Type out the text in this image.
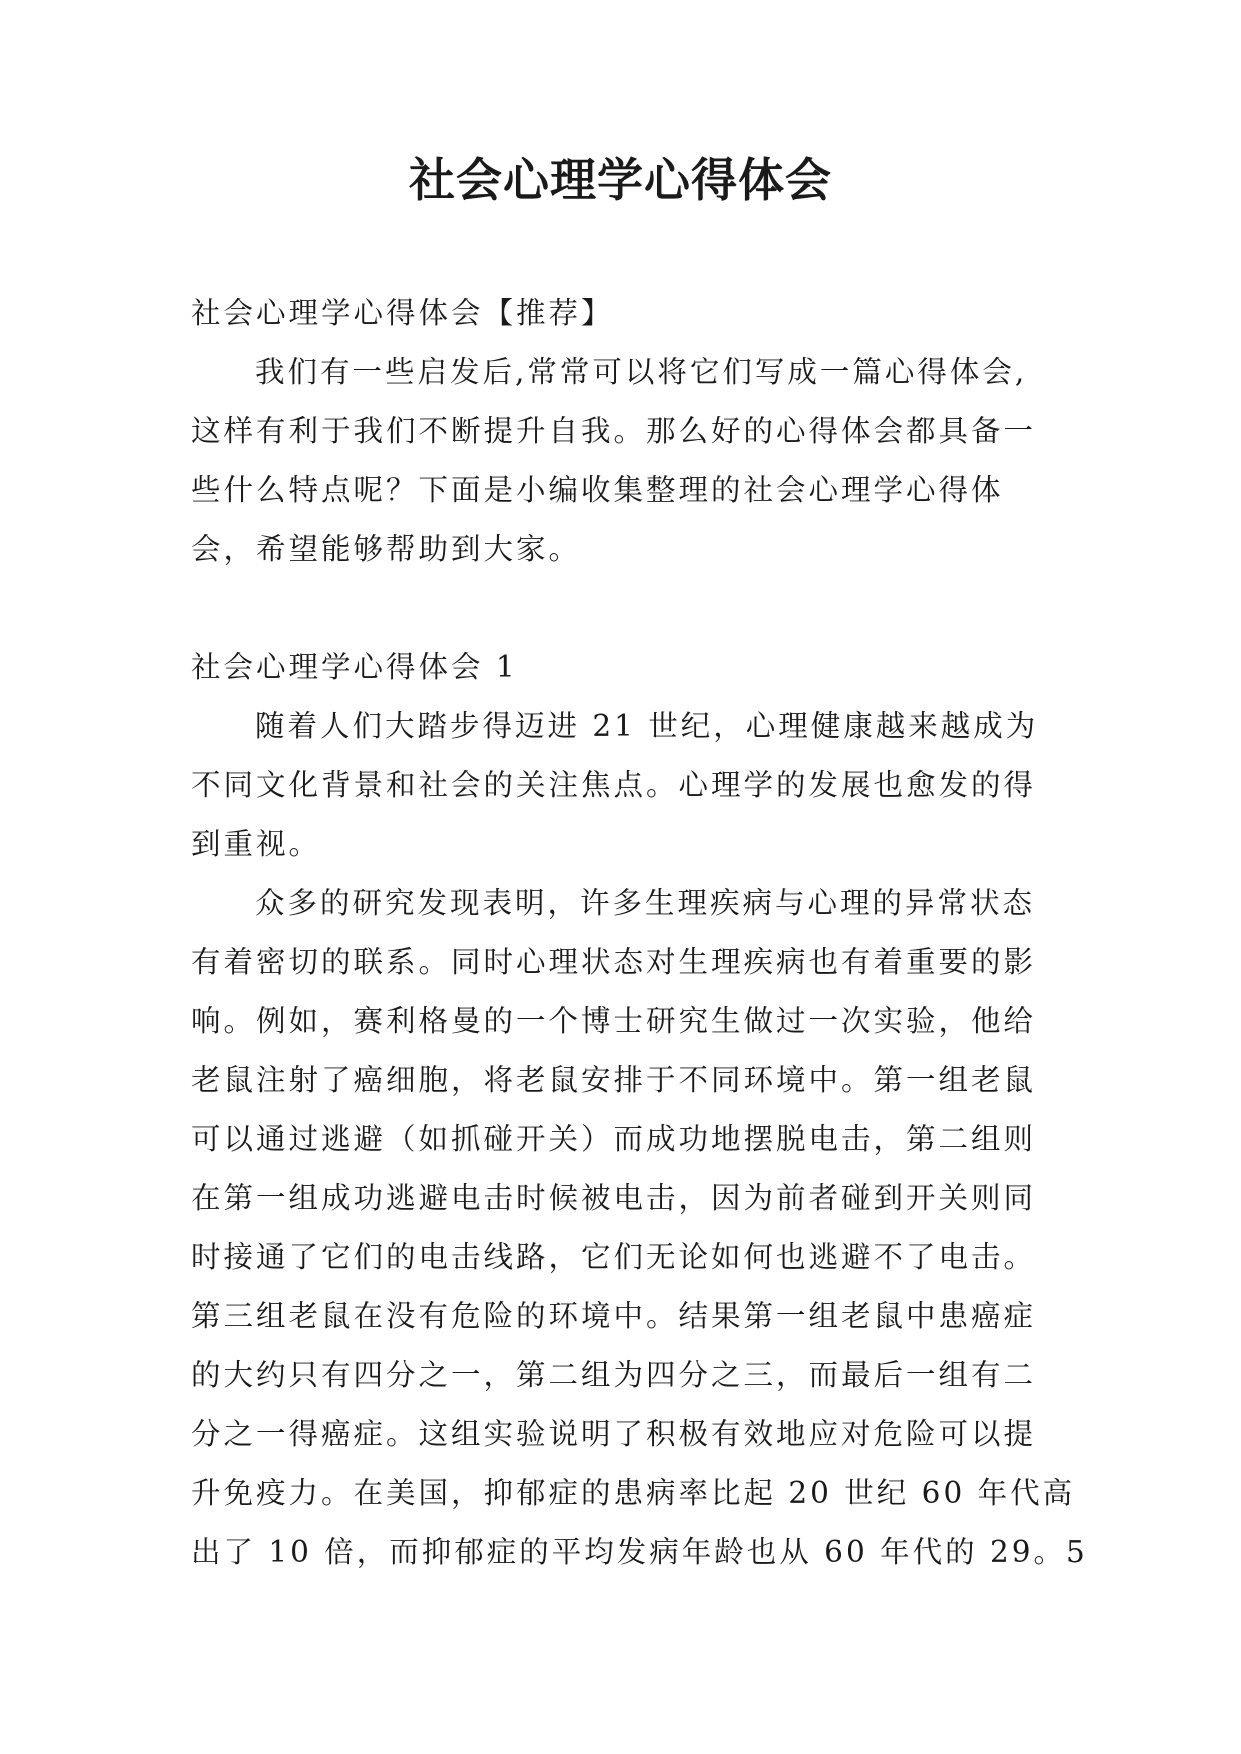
社会心理学心得体会
社会心理学心得体会【推荐】
我们有一些启发后,常常可以将它们写成一篇心得体会,
这样有利于我们不断提升自我。那么好的心得体会都具备一
些什么特点呢？下面是小编收集整理的社会心理学心得体
会，希望能够帮助到大家。
社会心理学心得体会 1
随着人们大踏步得迈进 21 世纪，心理健康越来越成为
不同文化背景和社会的关注焦点。心理学的发展也愈发的得
到重视。
众多的研究发现表明，许多生理疾病与心理的异常状态
有着密切的联系。同时心理状态对生理疾病也有着重要的影
响。例如，赛利格曼的一个博士研究生做过一次实验，他给
老鼠注射了癌细胞，将老鼠安排于不同环境中。第一组老鼠
可以通过逃避（如抓碰开关）而成功地摆脱电击，第二组则
在第一组成功逃避电击时候被电击，因为前者碰到开关则同
时接通了它们的电击线路，它们无论如何也逃避不了电击。
第三组老鼠在没有危险的环境中。结果第一组老鼠中患癌症
的大约只有四分之一，第二组为四分之三，而最后一组有二
分之一得癌症。这组实验说明了积极有效地应对危险可以提
升免疫力。在美国，抑郁症的患病率比起 20 世纪 60 年代高
出了 10 倍，而抑郁症的平均发病年龄也从 60 年代的 29。5
